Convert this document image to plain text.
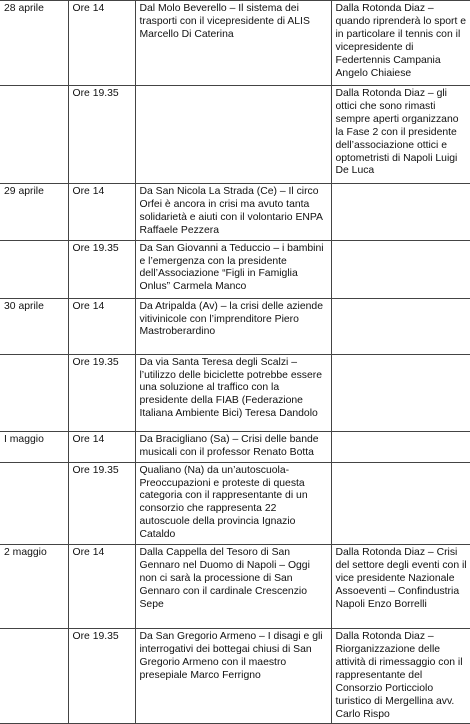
28 aprile	Ore 14	Dal Molo Beverello – Il sistema dei trasporti con il vicepresidente di ALIS Marcello Di Caterina	Dalla Rotonda Diaz – quando riprenderà lo sport e in particolare il tennis con il vicepresidente di Federtennis Campania Angelo Chiaiese
	Ore 19.35		Dalla Rotonda Diaz – gli ottici che sono rimasti sempre aperti organizzano la Fase 2 con il presidente dell’associazione ottici e optometristi di Napoli Luigi De Luca
29 aprile	Ore 14	Da San Nicola La Strada (Ce) – Il circo Orfei è ancora in crisi ma avuto tanta solidarietà e aiuti con il volontario ENPA Raffaele Pezzera	
	Ore 19.35	Da San Giovanni a Teduccio – i bambini e l’emergenza con la presidente dell’Associazione “Figli in Famiglia Onlus” Carmela Manco	
30 aprile	Ore 14	Da Atripalda (Av) – la crisi delle aziende vitivinicole con l’imprenditore Piero Mastroberardino	
	Ore 19.35	Da via Santa Teresa degli Scalzi – l’utilizzo delle biciclette potrebbe essere una soluzione al traffico con la presidente della FIAB (Federazione Italiana Ambiente Bici) Teresa Dandolo	
I maggio	Ore 14	Da Bracigliano (Sa) – Crisi delle bande musicali con il professor Renato Botta	
	Ore 19.35	Qualiano (Na) da un’autoscuola-Preoccupazioni e proteste di questa categoria con il rappresentante di un consorzio che rappresenta 22 autoscuole della provincia Ignazio Cataldo	
2 maggio	Ore 14	Dalla Cappella del Tesoro di San Gennaro nel Duomo di Napoli – Oggi non ci sarà la processione di San Gennaro con il cardinale Crescenzio Sepe	Dalla Rotonda Diaz – Crisi del settore degli eventi con il vice presidente Nazionale Assoeventi – Confindustria Napoli Enzo Borrelli
	Ore 19.35	Da San Gregorio Armeno – I disagi e gli interrogativi dei bottegai chiusi di San Gregorio Armeno con il maestro presepiale Marco Ferrigno	Dalla Rotonda Diaz – Riorganizzazione delle attività di rimessaggio con il rappresentante del Consorzio Porticciolo turistico di Mergellina avv. Carlo Rispo
